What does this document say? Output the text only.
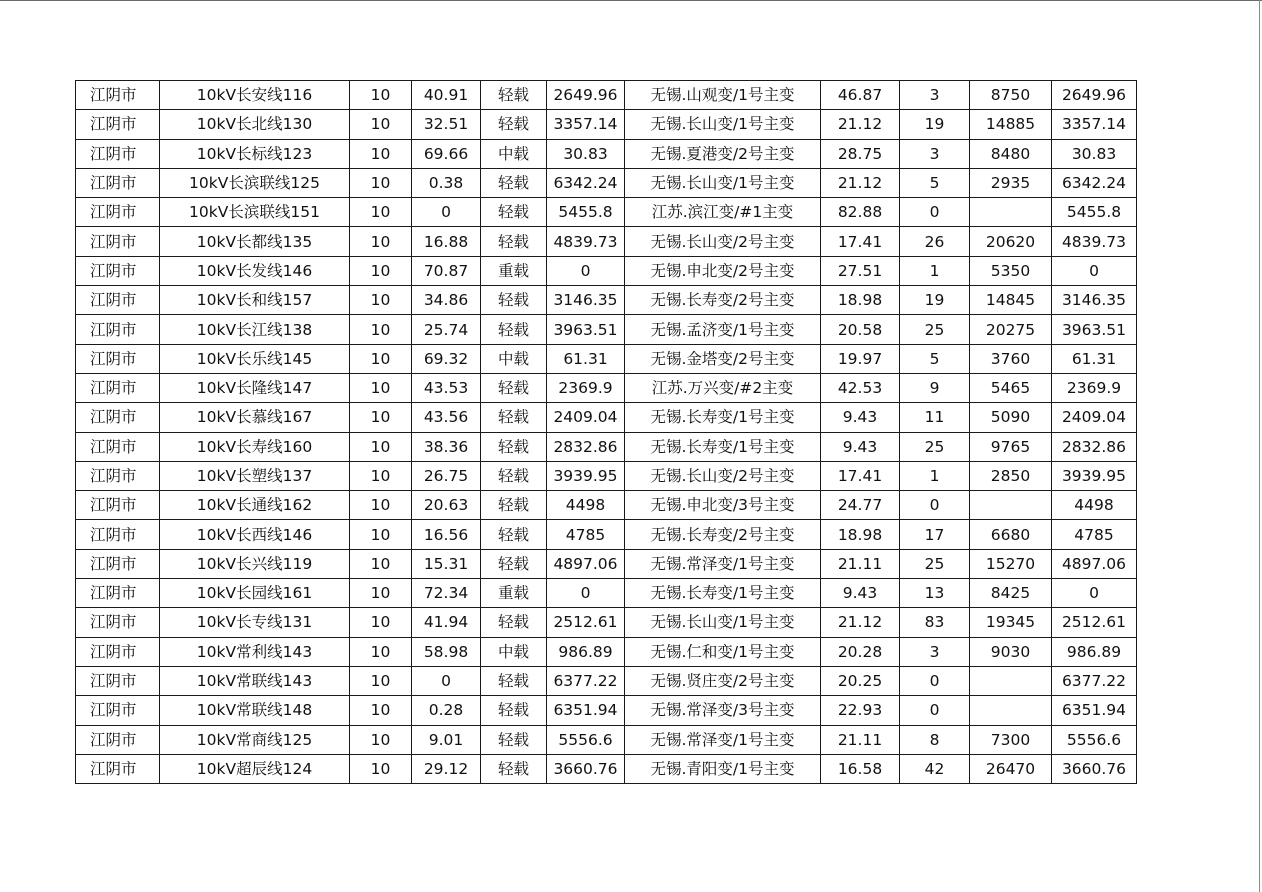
江阴市	10kV长安线116	10	40.91	轻载	2649.96	无锡.山观变/1号主变	46.87	3	8750	2649.96
江阴市	10kV长北线130	10	32.51	轻载	3357.14	无锡.长山变/1号主变	21.12	19	14885	3357.14
江阴市	10kV长标线123	10	69.66	中载	30.83	无锡.夏港变/2号主变	28.75	3	8480	30.83
江阴市	10kV长滨联线125	10	0.38	轻载	6342.24	无锡.长山变/1号主变	21.12	5	2935	6342.24
江阴市	10kV长滨联线151	10	0	轻载	5455.8	江苏.滨江变/#1主变	82.88	0		5455.8
江阴市	10kV长都线135	10	16.88	轻载	4839.73	无锡.长山变/2号主变	17.41	26	20620	4839.73
江阴市	10kV长发线146	10	70.87	重载	0	无锡.申北变/2号主变	27.51	1	5350	0
江阴市	10kV长和线157	10	34.86	轻载	3146.35	无锡.长寿变/2号主变	18.98	19	14845	3146.35
江阴市	10kV长江线138	10	25.74	轻载	3963.51	无锡.孟济变/1号主变	20.58	25	20275	3963.51
江阴市	10kV长乐线145	10	69.32	中载	61.31	无锡.金塔变/2号主变	19.97	5	3760	61.31
江阴市	10kV长隆线147	10	43.53	轻载	2369.9	江苏.万兴变/#2主变	42.53	9	5465	2369.9
江阴市	10kV长慕线167	10	43.56	轻载	2409.04	无锡.长寿变/1号主变	9.43	11	5090	2409.04
江阴市	10kV长寿线160	10	38.36	轻载	2832.86	无锡.长寿变/1号主变	9.43	25	9765	2832.86
江阴市	10kV长塑线137	10	26.75	轻载	3939.95	无锡.长山变/2号主变	17.41	1	2850	3939.95
江阴市	10kV长通线162	10	20.63	轻载	4498	无锡.申北变/3号主变	24.77	0		4498
江阴市	10kV长西线146	10	16.56	轻载	4785	无锡.长寿变/2号主变	18.98	17	6680	4785
江阴市	10kV长兴线119	10	15.31	轻载	4897.06	无锡.常泽变/1号主变	21.11	25	15270	4897.06
江阴市	10kV长园线161	10	72.34	重载	0	无锡.长寿变/1号主变	9.43	13	8425	0
江阴市	10kV长专线131	10	41.94	轻载	2512.61	无锡.长山变/1号主变	21.12	83	19345	2512.61
江阴市	10kV常利线143	10	58.98	中载	986.89	无锡.仁和变/1号主变	20.28	3	9030	986.89
江阴市	10kV常联线143	10	0	轻载	6377.22	无锡.贤庄变/2号主变	20.25	0		6377.22
江阴市	10kV常联线148	10	0.28	轻载	6351.94	无锡.常泽变/3号主变	22.93	0		6351.94
江阴市	10kV常商线125	10	9.01	轻载	5556.6	无锡.常泽变/1号主变	21.11	8	7300	5556.6
江阴市	10kV超辰线124	10	29.12	轻载	3660.76	无锡.青阳变/1号主变	16.58	42	26470	3660.76
